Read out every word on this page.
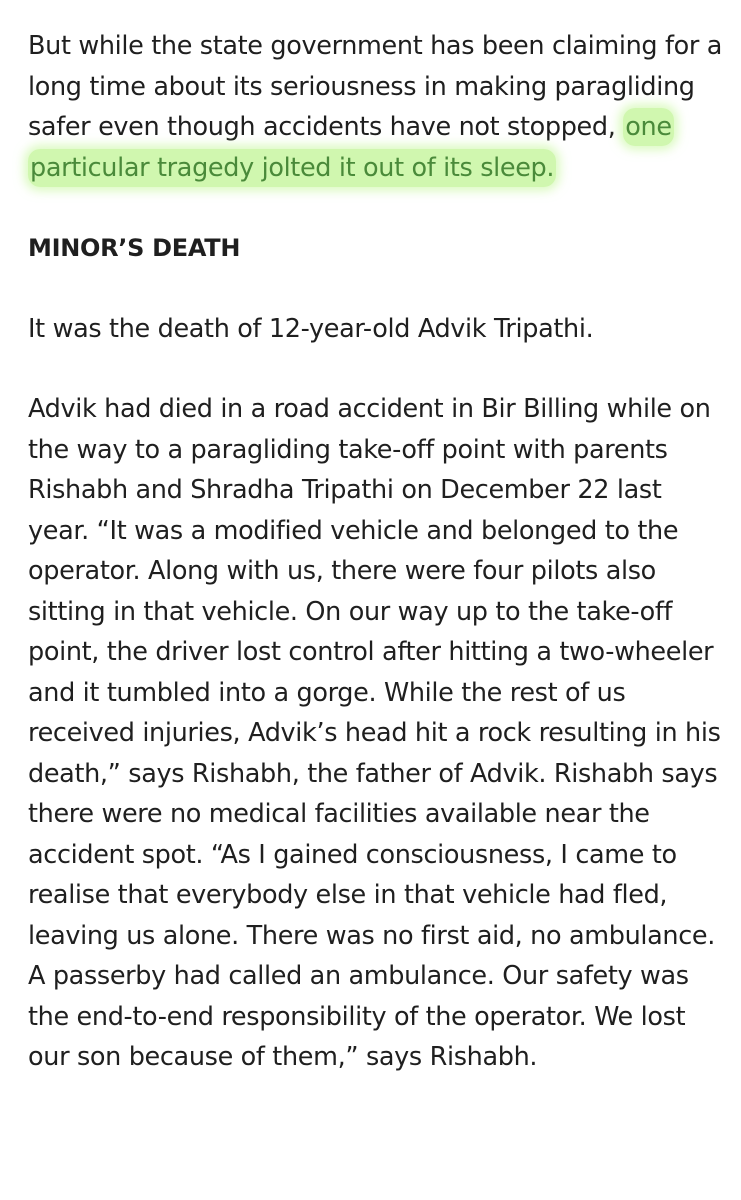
But while the state government has been claiming for a long time about its seriousness in making paragliding safer even though accidents have not stopped, one particular tragedy jolted it out of its sleep.

MINOR’S DEATH

It was the death of 12-year-old Advik Tripathi.

Advik had died in a road accident in Bir Billing while on the way to a paragliding take-off point with parents Rishabh and Shradha Tripathi on December 22 last year. “It was a modified vehicle and belonged to the operator. Along with us, there were four pilots also sitting in that vehicle. On our way up to the take-off point, the driver lost control after hitting a two-wheeler and it tumbled into a gorge. While the rest of us received injuries, Advik’s head hit a rock resulting in his death,” says Rishabh, the father of Advik. Rishabh says there were no medical facilities available near the accident spot. “As I gained consciousness, I came to realise that everybody else in that vehicle had fled, leaving us alone. There was no first aid, no ambulance. A passerby had called an ambulance. Our safety was the end-to-end responsibility of the operator. We lost our son because of them,” says Rishabh.
